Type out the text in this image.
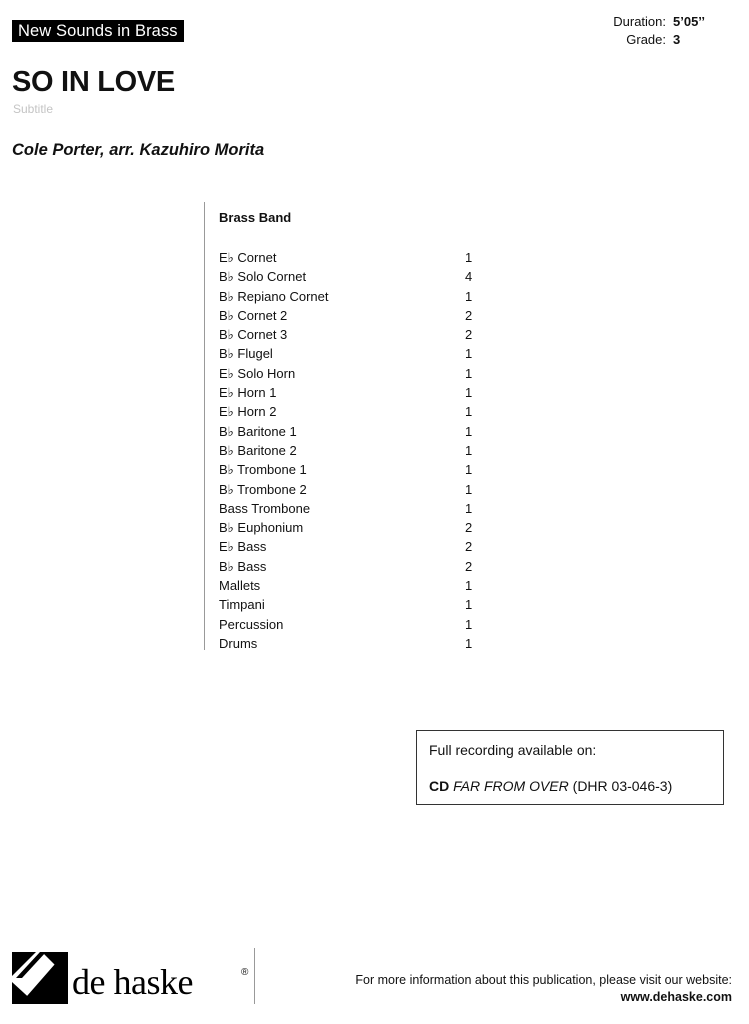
New Sounds in Brass
Duration: 5’05’’
Grade: 3
SO IN LOVE
Subtitle
Cole Porter, arr. Kazuhiro Morita
Brass Band
E♭ Cornet	1
B♭ Solo Cornet	4
B♭ Repiano Cornet	1
B♭ Cornet 2	2
B♭ Cornet 3	2
B♭ Flugel	1
E♭ Solo Horn	1
E♭ Horn 1	1
E♭ Horn 2	1
B♭ Baritone 1	1
B♭ Baritone 2	1
B♭ Trombone 1	1
B♭ Trombone 2	1
Bass Trombone	1
B♭ Euphonium	2
E♭ Bass	2
B♭ Bass	2
Mallets	1
Timpani	1
Percussion	1
Drums	1
Full recording available on:
CD FAR FROM OVER (DHR 03-046-3)
de haske	®
For more information about this publication, please visit our website:
www.dehaske.com
